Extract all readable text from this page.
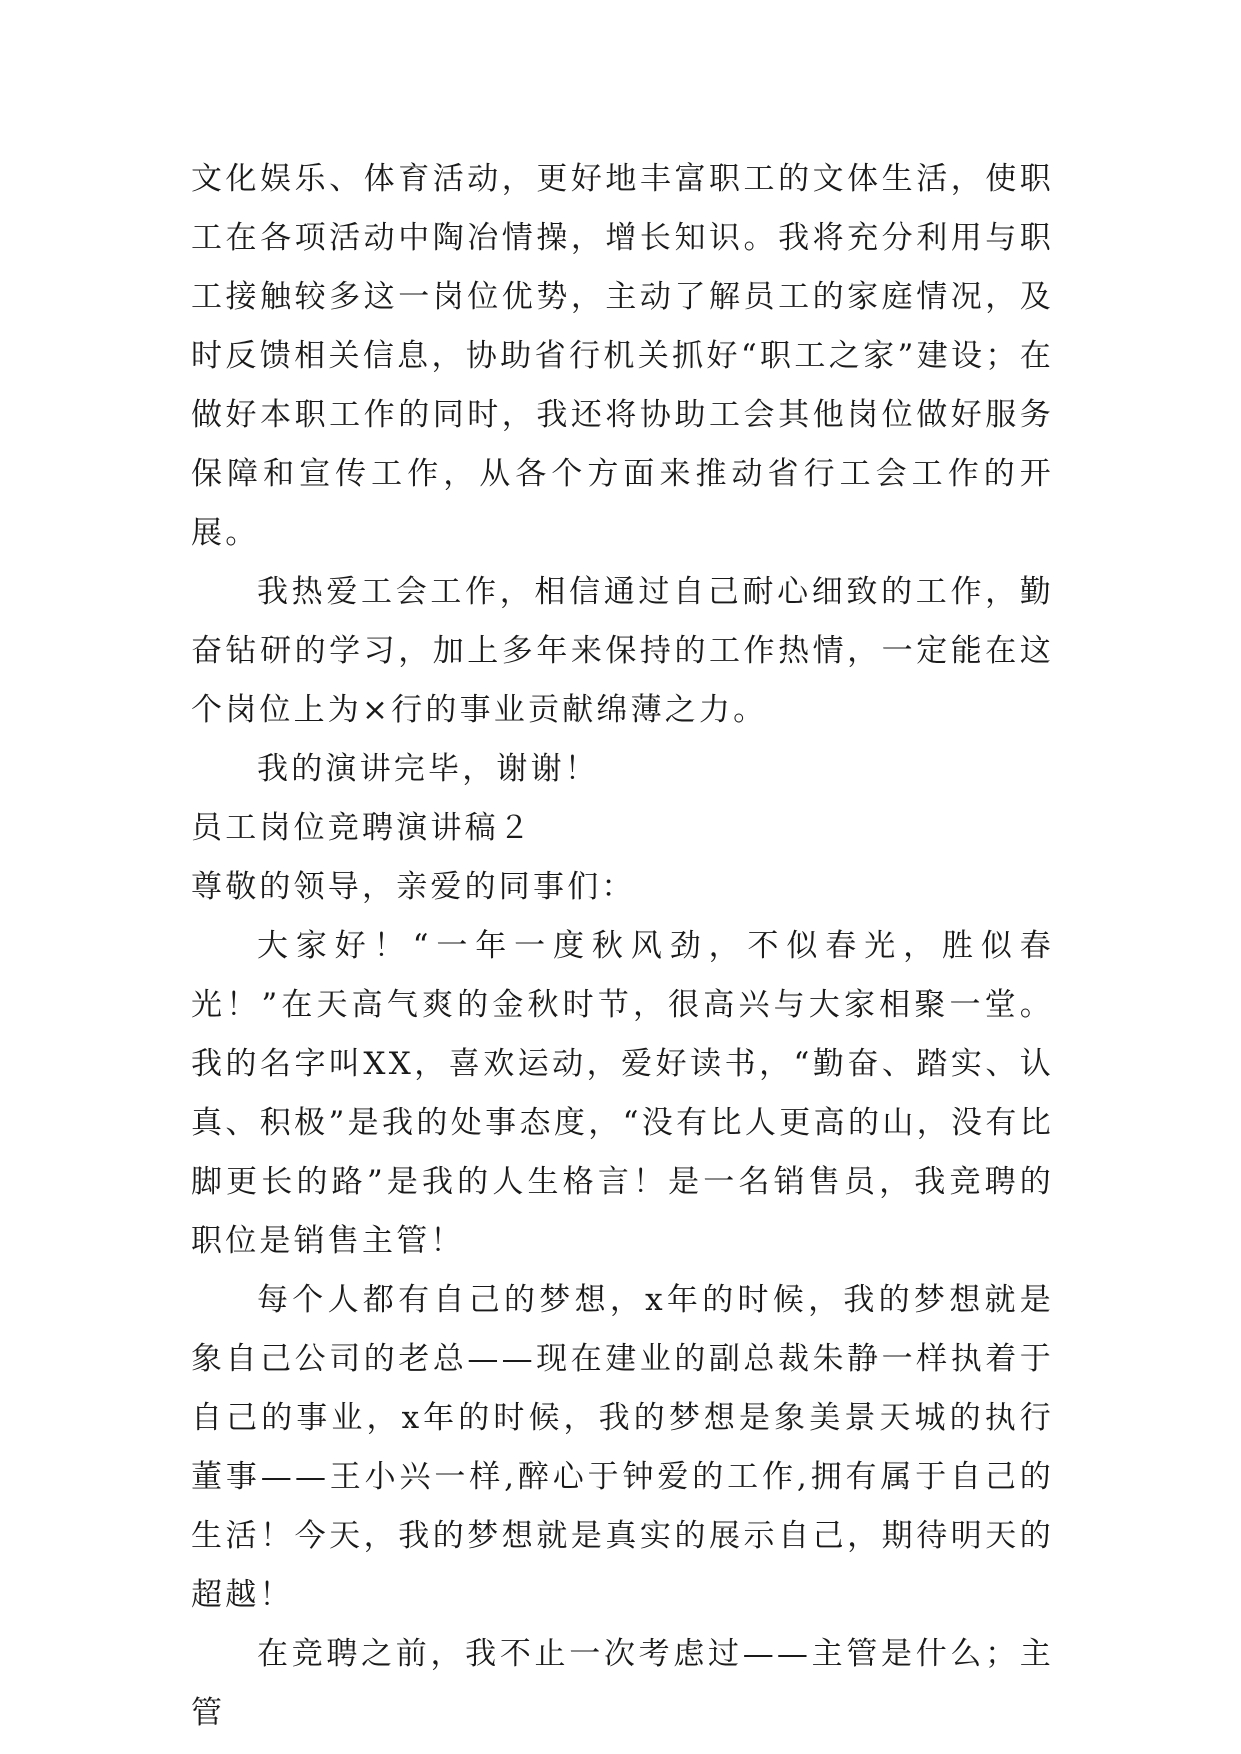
文化娱乐、体育活动，更好地丰富职工的文体生活，使职工在各项活动中陶冶情操，增长知识。我将充分利用与职工接触较多这一岗位优势，主动了解员工的家庭情况，及时反馈相关信息，协助省行机关抓好“职工之家”建设；在做好本职工作的同时，我还将协助工会其他岗位做好服务保障和宣传工作，从各个方面来推动省行工会工作的开展。

我热爱工会工作，相信通过自己耐心细致的工作，勤奋钻研的学习，加上多年来保持的工作热情，一定能在这个岗位上为×行的事业贡献绵薄之力。

我的演讲完毕，谢谢！

员工岗位竞聘演讲稿２

尊敬的领导，亲爱的同事们：

大家好！“一年一度秋风劲，不似春光，胜似春光！”在天高气爽的金秋时节，很高兴与大家相聚一堂。我的名字叫XX，喜欢运动，爱好读书，“勤奋、踏实、认真、积极”是我的处事态度，“没有比人更高的山，没有比脚更长的路”是我的人生格言！是一名销售员，我竞聘的职位是销售主管！

每个人都有自己的梦想，x年的时候，我的梦想就是象自己公司的老总——现在建业的副总裁朱静一样执着于自己的事业，x年的时候，我的梦想是象美景天城的执行董事——王小兴一样,醉心于钟爱的工作,拥有属于自己的生活！今天，我的梦想就是真实的展示自己，期待明天的超越！

在竞聘之前，我不止一次考虑过——主管是什么；主管
